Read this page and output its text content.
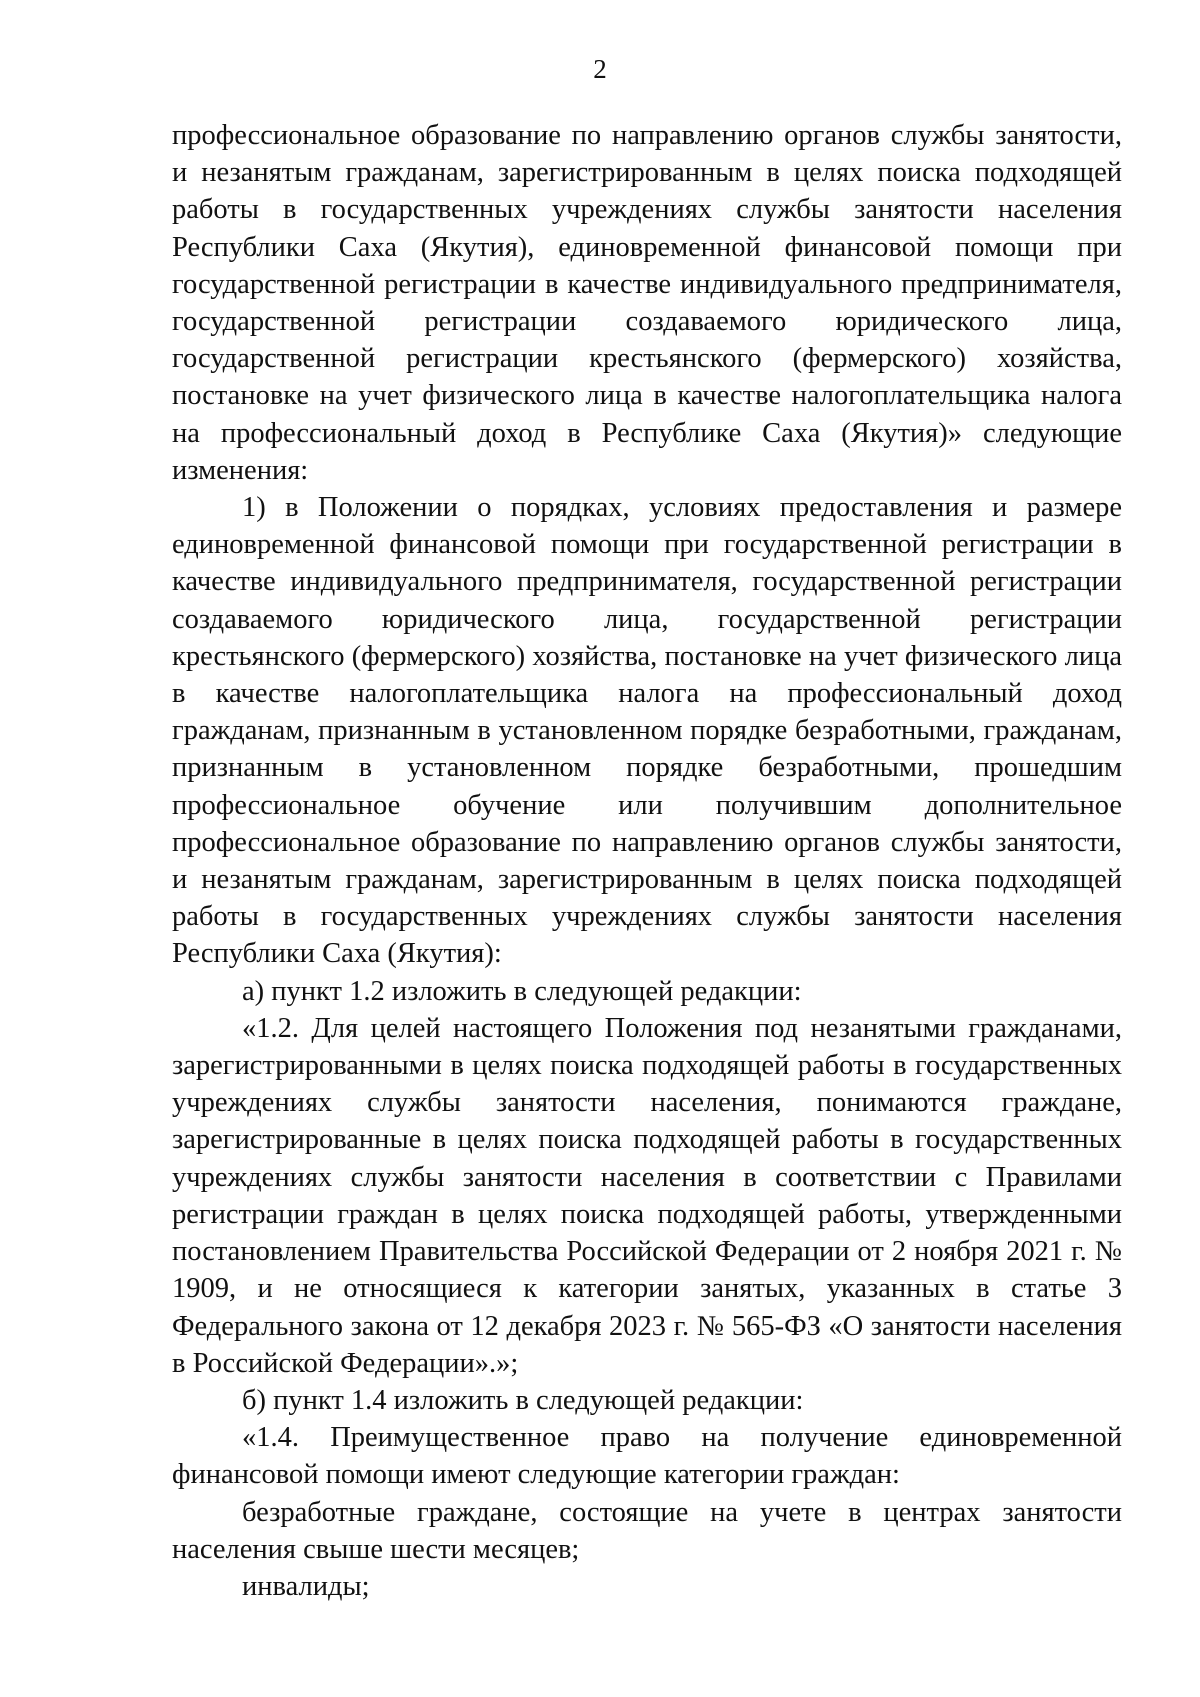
2

профессиональное образование по направлению органов службы занятости, и незанятым гражданам, зарегистрированным в целях поиска подходящей работы в государственных учреждениях службы занятости населения Республики Саха (Якутия), единовременной финансовой помощи при государственной регистрации в качестве индивидуального предпринимателя, государственной регистрации создаваемого юридического лица, государственной регистрации крестьянского (фермерского) хозяйства, постановке на учет физического лица в качестве налогоплательщика налога на профессиональный доход в Республике Саха (Якутия)» следующие изменения:

1) в Положении о порядках, условиях предоставления и размере единовременной финансовой помощи при государственной регистрации в качестве индивидуального предпринимателя, государственной регистрации создаваемого юридического лица, государственной регистрации крестьянского (фермерского) хозяйства, постановке на учет физического лица в качестве налогоплательщика налога на профессиональный доход гражданам, признанным в установленном порядке безработными, гражданам, признанным в установленном порядке безработными, прошедшим профессиональное обучение или получившим дополнительное профессиональное образование по направлению органов службы занятости, и незанятым гражданам, зарегистрированным в целях поиска подходящей работы в государственных учреждениях службы занятости населения Республики Саха (Якутия):

а) пункт 1.2 изложить в следующей редакции:

«1.2. Для целей настоящего Положения под незанятыми гражданами, зарегистрированными в целях поиска подходящей работы в государственных учреждениях службы занятости населения, понимаются граждане, зарегистрированные в целях поиска подходящей работы в государственных учреждениях службы занятости населения в соответствии с Правилами регистрации граждан в целях поиска подходящей работы, утвержденными постановлением Правительства Российской Федерации от 2 ноября 2021 г. № 1909, и не относящиеся к категории занятых, указанных в статье 3 Федерального закона от 12 декабря 2023 г. № 565-ФЗ «О занятости населения в Российской Федерации».»;

б) пункт 1.4 изложить в следующей редакции:

«1.4. Преимущественное право на получение единовременной финансовой помощи имеют следующие категории граждан:

безработные граждане, состоящие на учете в центрах занятости населения свыше шести месяцев;

инвалиды;
